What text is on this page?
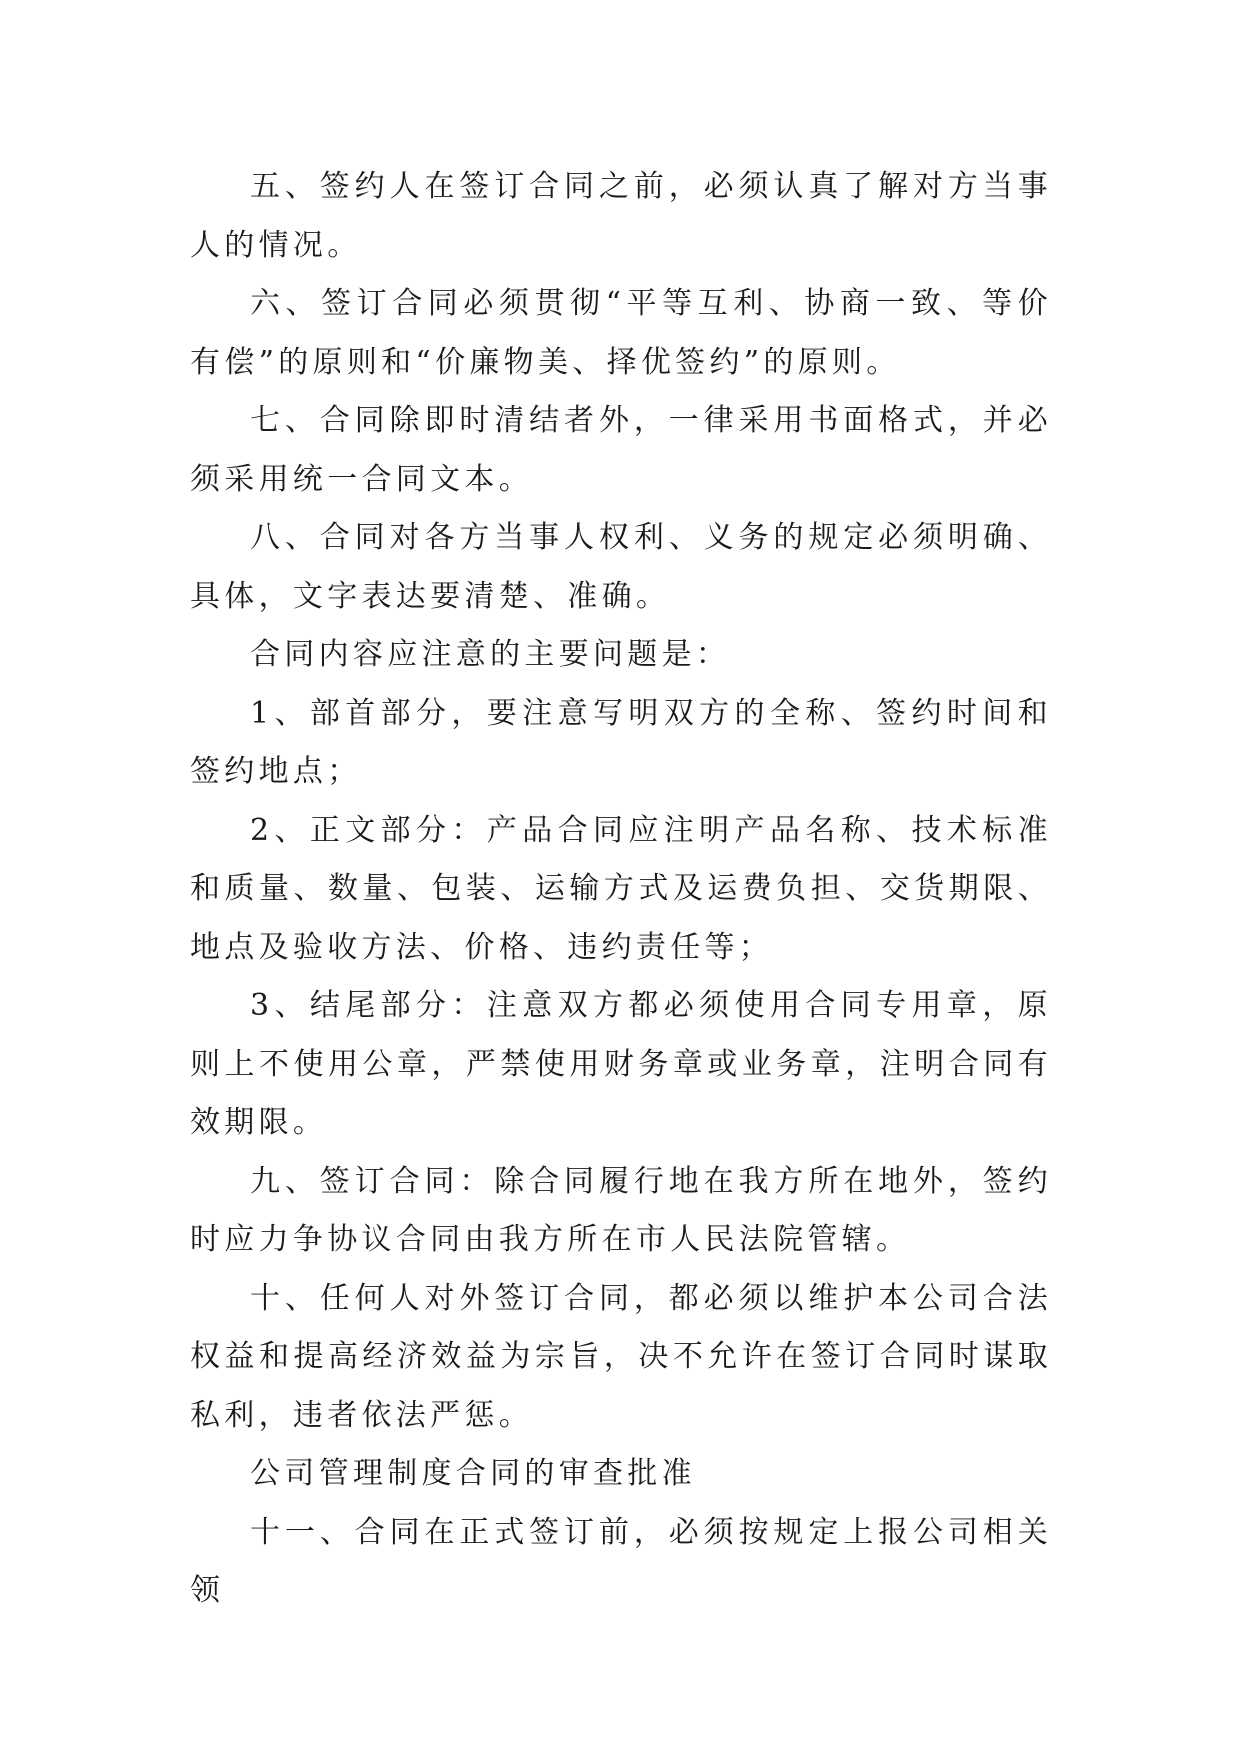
五、签约人在签订合同之前，必须认真了解对方当事人的情况。

六、签订合同必须贯彻“平等互利、协商一致、等价有偿”的原则和“价廉物美、择优签约”的原则。

七、合同除即时清结者外，一律采用书面格式，并必须采用统一合同文本。

八、合同对各方当事人权利、义务的规定必须明确、具体，文字表达要清楚、准确。

合同内容应注意的主要问题是：

1、部首部分，要注意写明双方的全称、签约时间和签约地点；

2、正文部分：产品合同应注明产品名称、技术标准和质量、数量、包装、运输方式及运费负担、交货期限、地点及验收方法、价格、违约责任等；

3、结尾部分：注意双方都必须使用合同专用章，原则上不使用公章，严禁使用财务章或业务章，注明合同有效期限。

九、签订合同：除合同履行地在我方所在地外，签约时应力争协议合同由我方所在市人民法院管辖。

十、任何人对外签订合同，都必须以维护本公司合法权益和提高经济效益为宗旨，决不允许在签订合同时谋取私利，违者依法严惩。

公司管理制度合同的审查批准

十一、合同在正式签订前，必须按规定上报公司相关领
